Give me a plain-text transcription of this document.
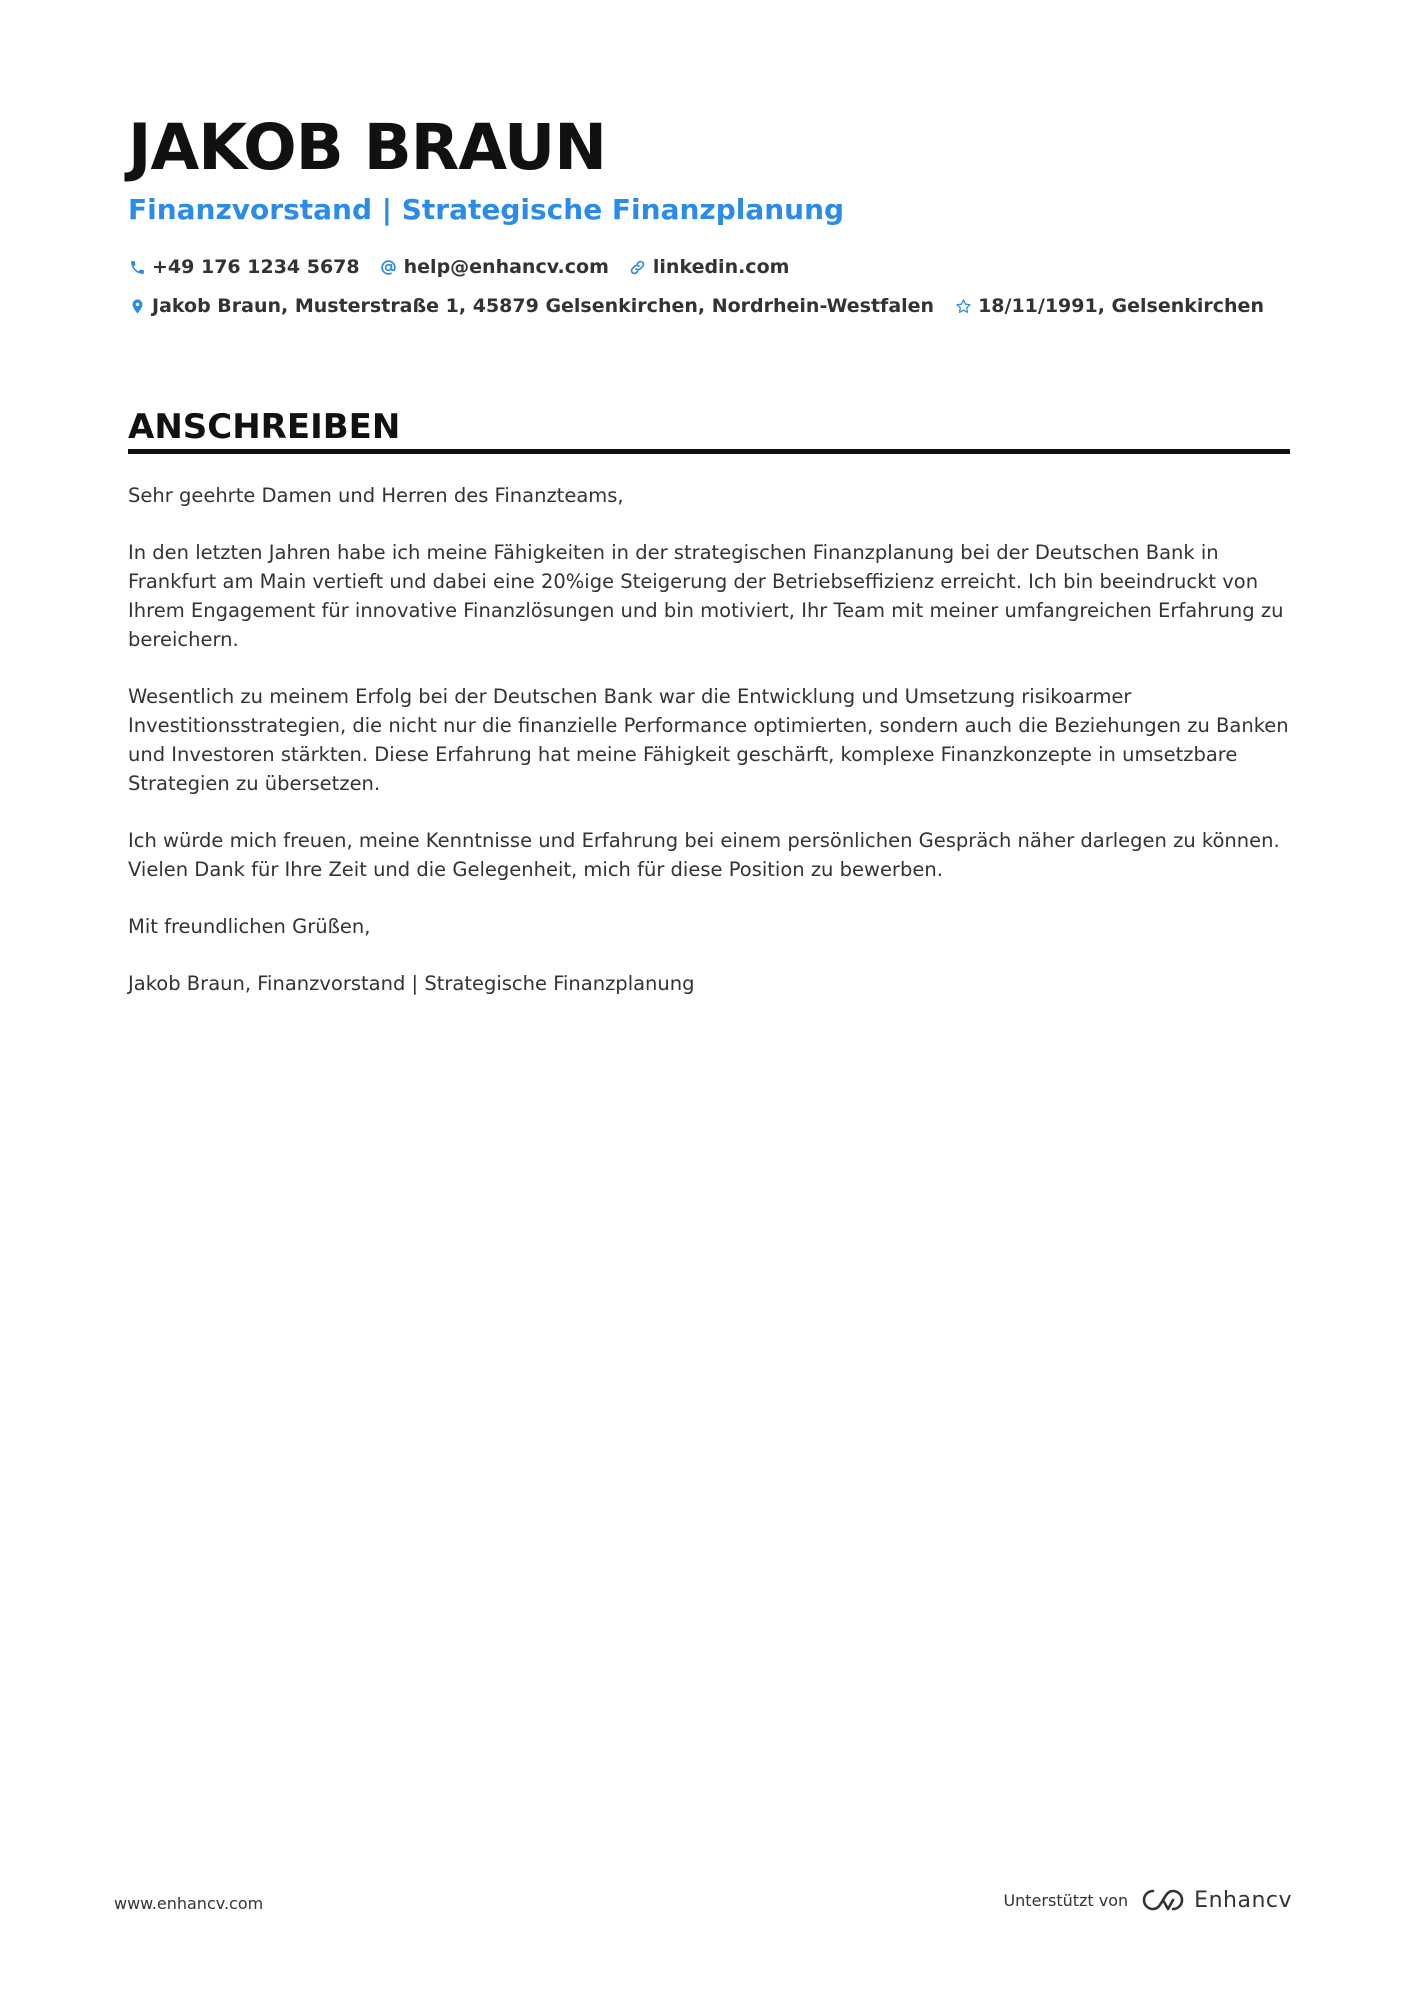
JAKOB BRAUN
Finanzvorstand | Strategische Finanzplanung
+49 176 1234 5678 help@enhancv.com linkedin.com
Jakob Braun, Musterstraße 1, 45879 Gelsenkirchen, Nordrhein-Westfalen 18/11/1991, Gelsenkirchen
ANSCHREIBEN

Sehr geehrte Damen und Herren des Finanzteams,

In den letzten Jahren habe ich meine Fähigkeiten in der strategischen Finanzplanung bei der Deutschen Bank in Frankfurt am Main vertieft und dabei eine 20%ige Steigerung der Betriebseffizienz erreicht. Ich bin beeindruckt von Ihrem Engagement für innovative Finanzlösungen und bin motiviert, Ihr Team mit meiner umfangreichen Erfahrung zu bereichern.

Wesentlich zu meinem Erfolg bei der Deutschen Bank war die Entwicklung und Umsetzung risikoarmer Investitionsstrategien, die nicht nur die finanzielle Performance optimierten, sondern auch die Beziehungen zu Banken und Investoren stärkten. Diese Erfahrung hat meine Fähigkeit geschärft, komplexe Finanzkonzepte in umsetzbare Strategien zu übersetzen.

Ich würde mich freuen, meine Kenntnisse und Erfahrung bei einem persönlichen Gespräch näher darlegen zu können. Vielen Dank für Ihre Zeit und die Gelegenheit, mich für diese Position zu bewerben.

Mit freundlichen Grüßen,

Jakob Braun, Finanzvorstand | Strategische Finanzplanung

www.enhancv.com	Unterstützt von	Enhancv
